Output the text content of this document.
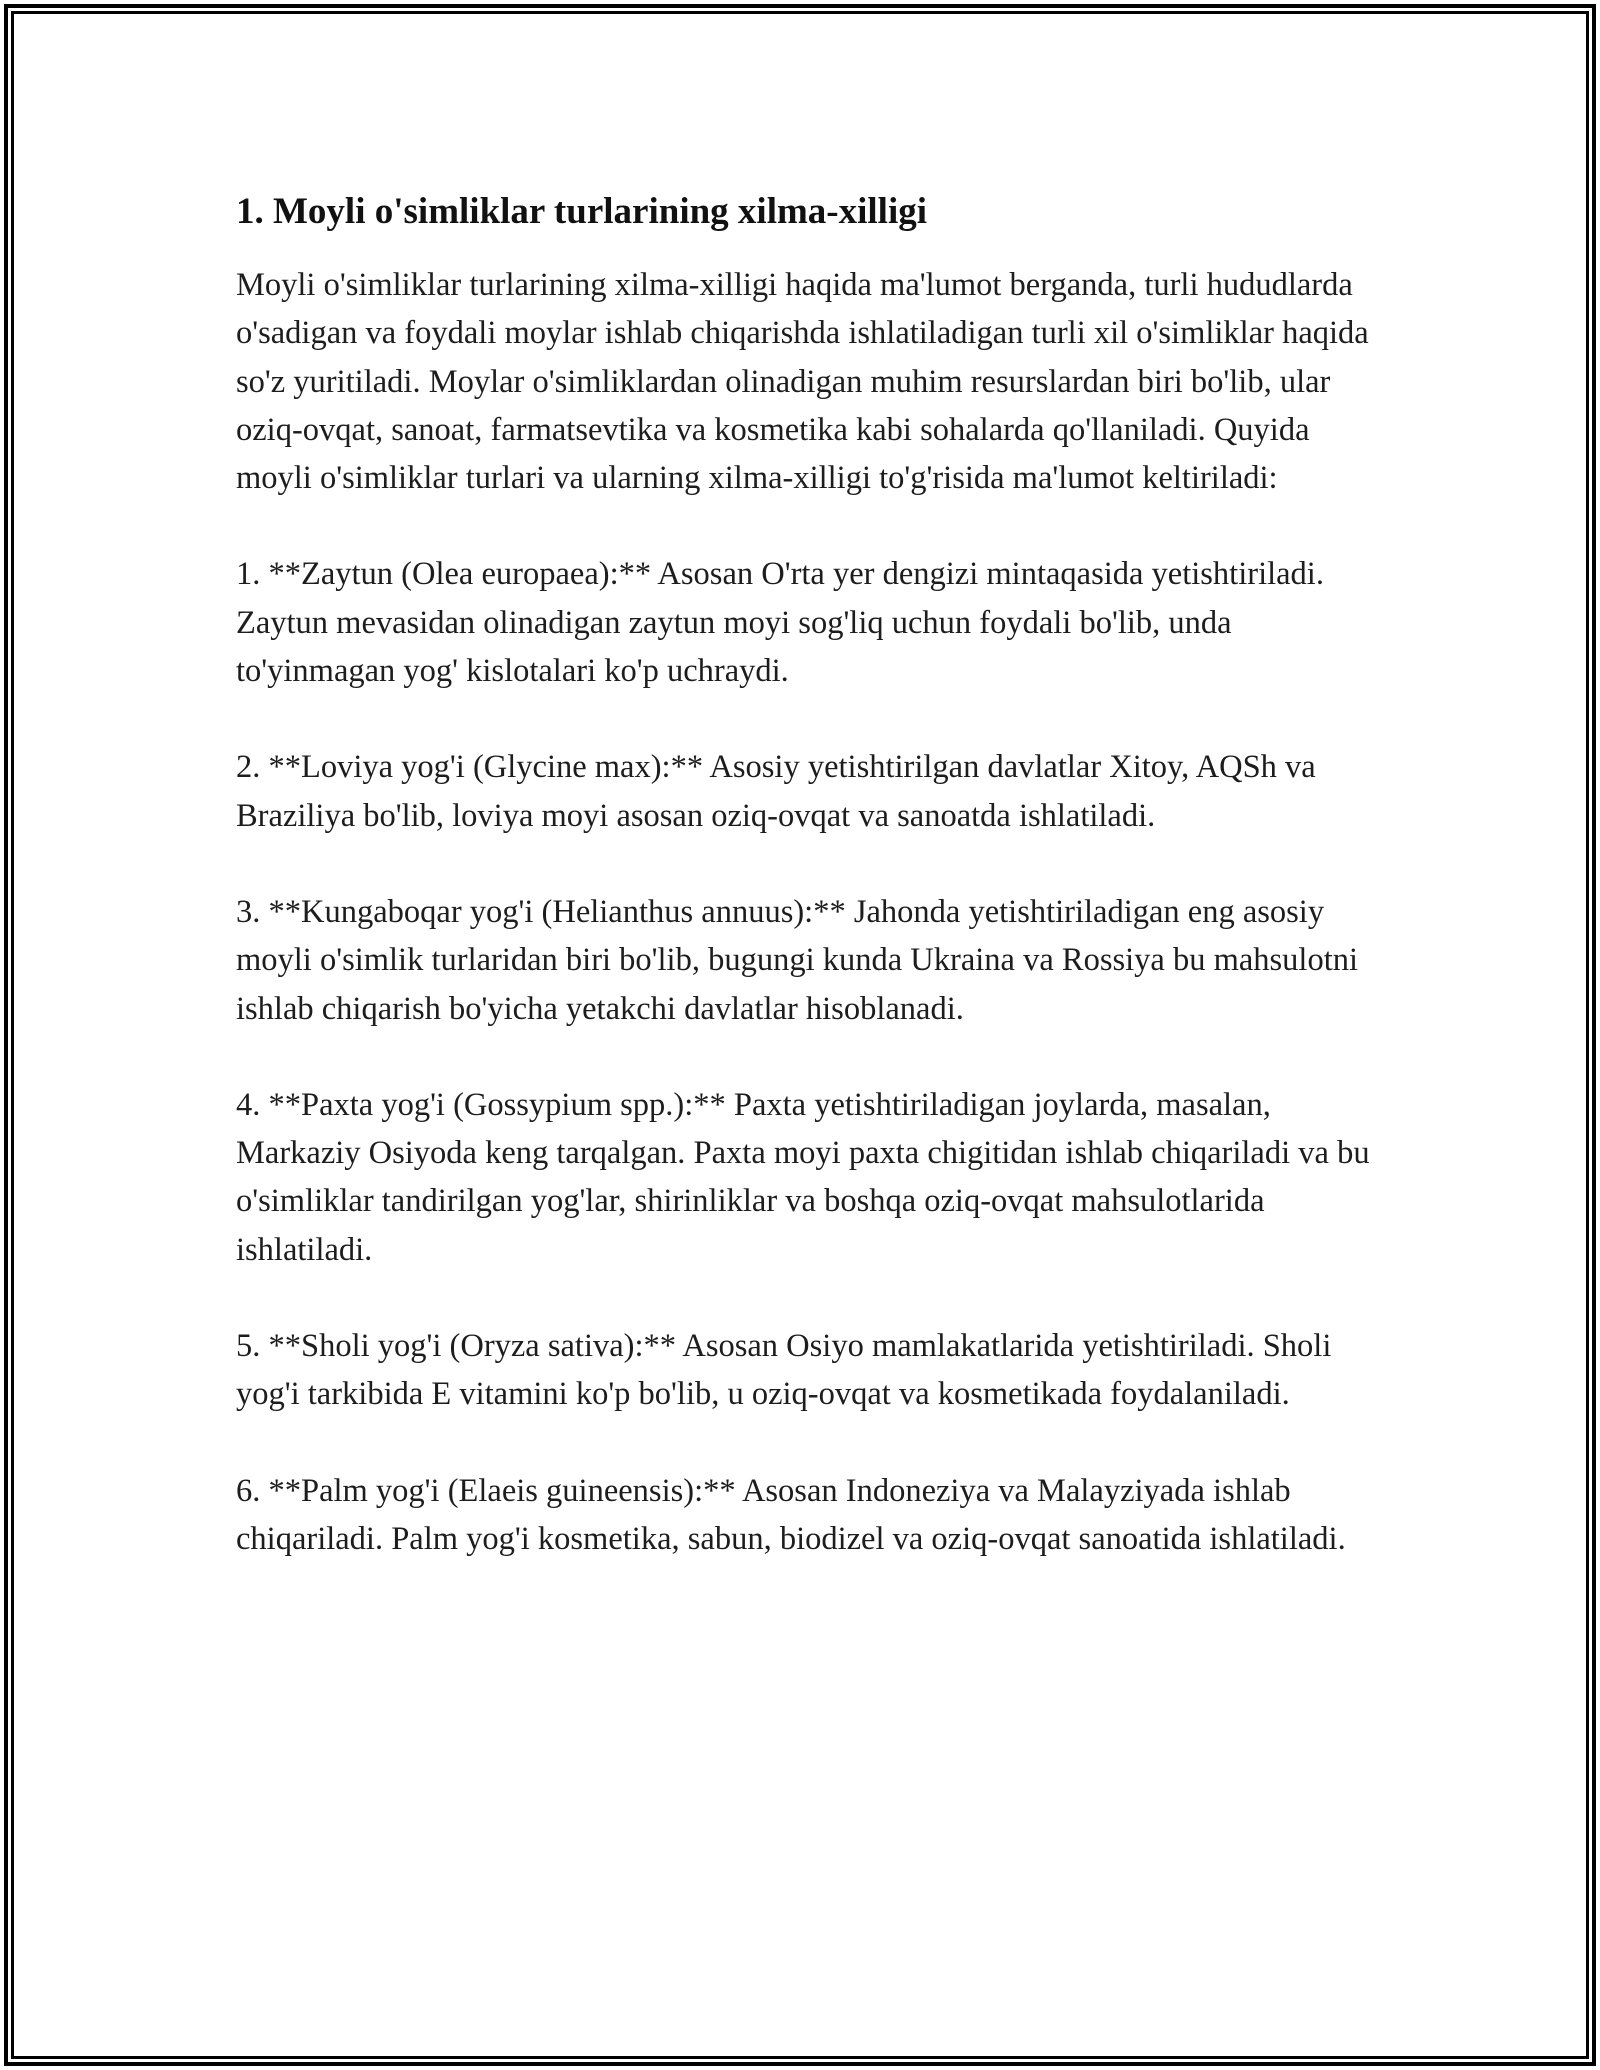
1. Moyli o'simliklar turlarining xilma-xilligi

Moyli o'simliklar turlarining xilma-xilligi haqida ma'lumot berganda, turli hududlarda o'sadigan va foydali moylar ishlab chiqarishda ishlatiladigan turli xil o'simliklar haqida so'z yuritiladi. Moylar o'simliklardan olinadigan muhim resurslardan biri bo'lib, ular oziq-ovqat, sanoat, farmatsevtika va kosmetika kabi sohalarda qo'llaniladi. Quyida moyli o'simliklar turlari va ularning xilma-xilligi to'g'risida ma'lumot keltiriladi:

1. **Zaytun (Olea europaea):** Asosan O'rta yer dengizi mintaqasida yetishtiriladi. Zaytun mevasidan olinadigan zaytun moyi sog'liq uchun foydali bo'lib, unda to'yinmagan yog' kislotalari ko'p uchraydi.

2. **Loviya yog'i (Glycine max):** Asosiy yetishtirilgan davlatlar Xitoy, AQSh va Braziliya bo'lib, loviya moyi asosan oziq-ovqat va sanoatda ishlatiladi.

3. **Kungaboqar yog'i (Helianthus annuus):** Jahonda yetishtiriladigan eng asosiy moyli o'simlik turlaridan biri bo'lib, bugungi kunda Ukraina va Rossiya bu mahsulotni ishlab chiqarish bo'yicha yetakchi davlatlar hisoblanadi.

4. **Paxta yog'i (Gossypium spp.):** Paxta yetishtiriladigan joylarda, masalan, Markaziy Osiyoda keng tarqalgan. Paxta moyi paxta chigitidan ishlab chiqariladi va bu o'simliklar tandirilgan yog'lar, shirinliklar va boshqa oziq-ovqat mahsulotlarida ishlatiladi.

5. **Sholi yog'i (Oryza sativa):** Asosan Osiyo mamlakatlarida yetishtiriladi. Sholi yog'i tarkibida E vitamini ko'p bo'lib, u oziq-ovqat va kosmetikada foydalaniladi.

6. **Palm yog'i (Elaeis guineensis):** Asosan Indoneziya va Malayziyada ishlab chiqariladi. Palm yog'i kosmetika, sabun, biodizel va oziq-ovqat sanoatida ishlatiladi.
